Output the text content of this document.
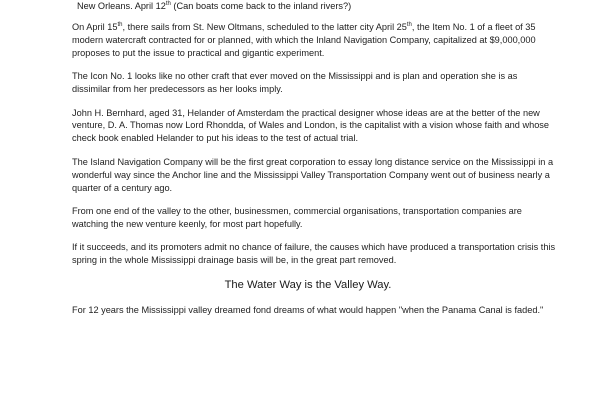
New Orleans. April 12th (Can boats come back to the inland rivers?)

On April 15th, there sails from St. New Oltmans, scheduled to the latter city April 25th, the Item No. 1 of a fleet of 35 modern watercraft contracted for or planned, with which the Inland Navigation Company, capitalized at $9,000,000 proposes to put the issue to practical and gigantic experiment.

The Icon No. 1 looks like no other craft that ever moved on the Mississippi and is plan and operation she is as dissimilar from her predecessors as her looks imply.

John H. Bernhard, aged 31, Helander of Amsterdam the practical designer whose ideas are at the better of the new venture, D. A. Thomas now Lord Rhondda, of Wales and London, is the capitalist with a vision whose faith and whose check book enabled Helander to put his ideas to the test of actual trial.

The Island Navigation Company will be the first great corporation to essay long distance service on the Mississippi in a wonderful way since the Anchor line and the Mississippi Valley Transportation Company went out of business nearly a quarter of a century ago.

From one end of the valley to the other, businessmen, commercial organisations, transportation companies are watching the new venture keenly, for most part hopefully.

If it succeeds, and its promoters admit no chance of failure, the causes which have produced a transportation crisis this spring in the whole Mississippi drainage basis will be, in the great part removed.

The Water Way is the Valley Way.

For 12 years the Mississippi valley dreamed fond dreams of what would happen "when the Panama Canal is faded."
